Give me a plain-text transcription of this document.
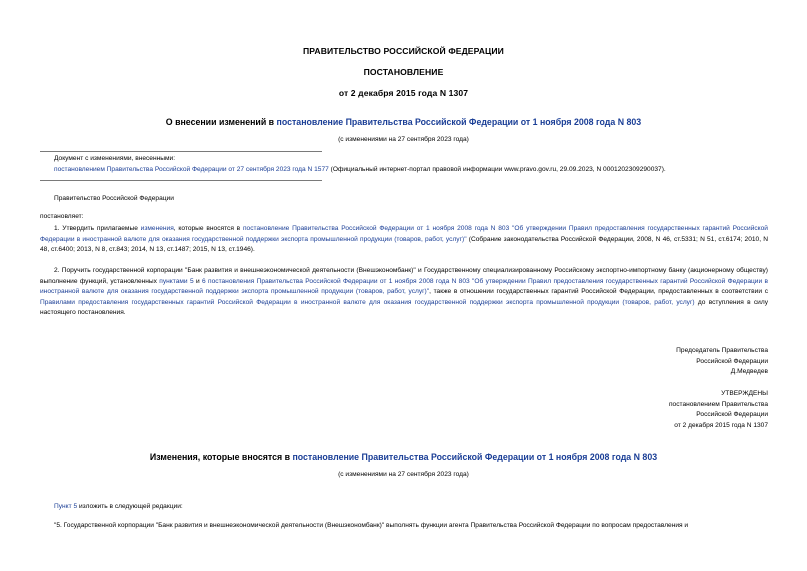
ПРАВИТЕЛЬСТВО РОССИЙСКОЙ ФЕДЕРАЦИИ
ПОСТАНОВЛЕНИЕ
от 2 декабря 2015 года N 1307
О внесении изменений в постановление Правительства Российской Федерации от 1 ноября 2008 года N 803
(с изменениями на 27 сентября 2023 года)
Документ с изменениями, внесенными:
постановлением Правительства Российской Федерации от 27 сентября 2023 года N 1577 (Официальный интернет-портал правовой информации www.pravo.gov.ru, 29.09.2023, N 0001202309290037).
Правительство Российской Федерации
постановляет:
1. Утвердить прилагаемые изменения, которые вносятся в постановление Правительства Российской Федерации от 1 ноября 2008 года N 803 "Об утверждении Правил предоставления государственных гарантий Российской Федерации в иностранной валюте для оказания государственной поддержки экспорта промышленной продукции (товаров, работ, услуг)" (Собрание законодательства Российской Федерации, 2008, N 46, ст.5331; N 51, ст.6174; 2010, N 48, ст.6400; 2013, N 8, ст.843; 2014, N 13, ст.1487; 2015, N 13, ст.1946).
2. Поручить государственной корпорации "Банк развития и внешнеэкономической деятельности (Внешэкономбанк)" и Государственному специализированному Российскому экспортно-импортному банку (акционерному обществу) выполнение функций, установленных пунктами 5 и 6 постановления Правительства Российской Федерации от 1 ноября 2008 года N 803 "Об утверждении Правил предоставления государственных гарантий Российской Федерации в иностранной валюте для оказания государственной поддержки экспорта промышленной продукции (товаров, работ, услуг)", также в отношении государственных гарантий Российской Федерации, предоставленных в соответствии с Правилами предоставления государственных гарантий Российской Федерации в иностранной валюте для оказания государственной поддержки экспорта промышленной продукции (товаров, работ, услуг) до вступления в силу настоящего постановления.
Председатель Правительства
Российской Федерации
Д.Медведев
УТВЕРЖДЕНЫ
постановлением Правительства
Российской Федерации
от 2 декабря 2015 года N 1307
Изменения, которые вносятся в постановление Правительства Российской Федерации от 1 ноября 2008 года N 803
(с изменениями на 27 сентября 2023 года)
Пункт 5 изложить в следующей редакции:
"5. Государственной корпорации "Банк развития и внешнеэкономической деятельности (Внешэкономбанк)" выполнять функции агента Правительства Российской Федерации по вопросам предоставления и
